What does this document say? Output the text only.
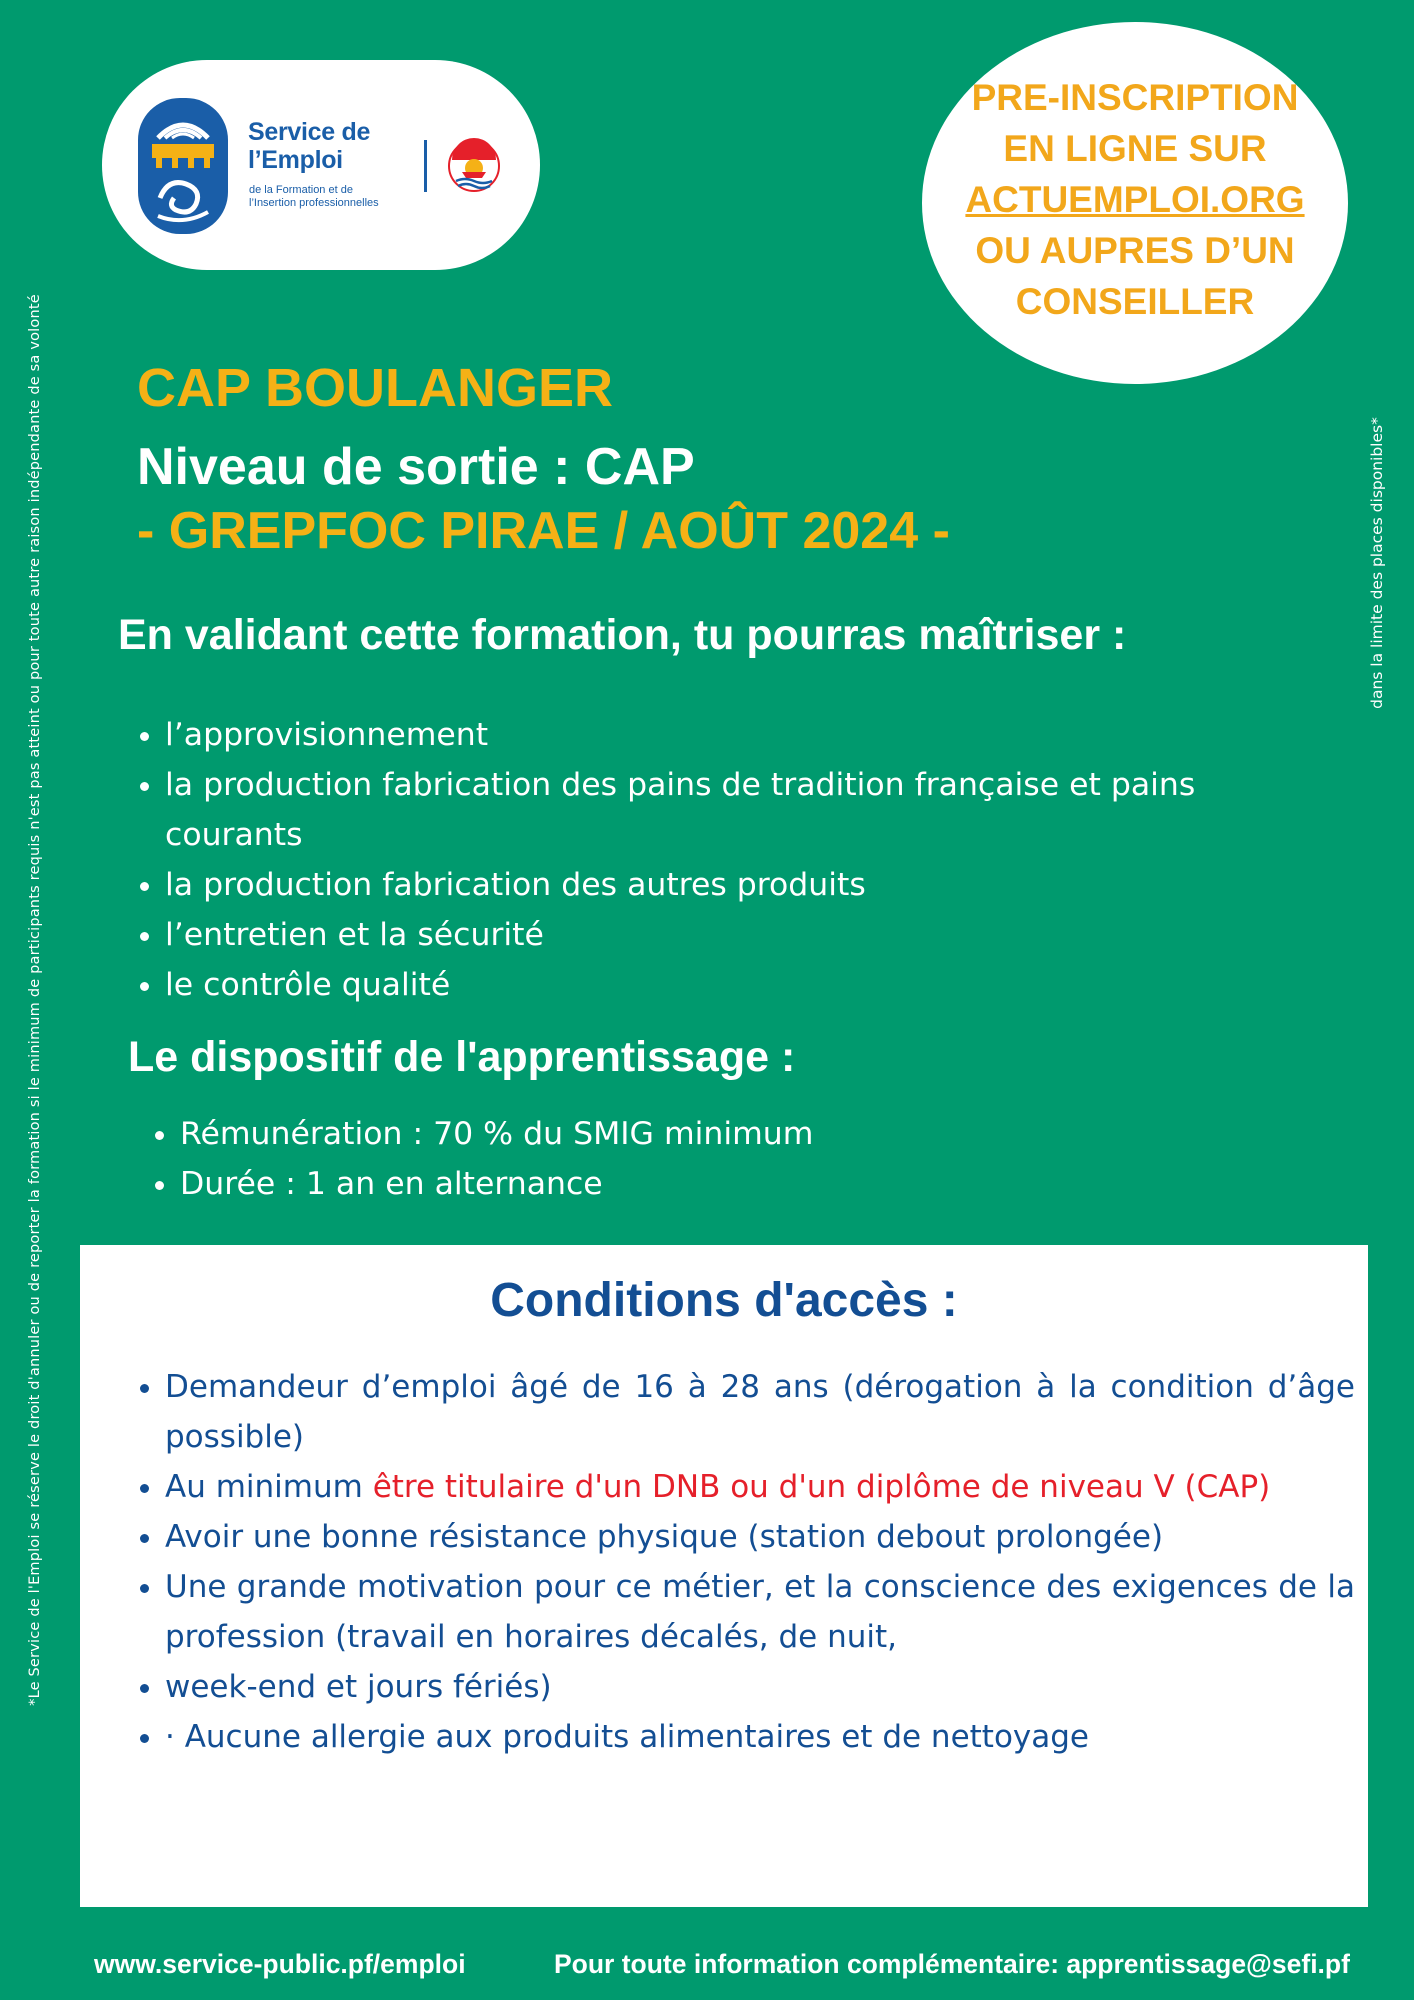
*Le Service de l'Emploi se réserve le droit d'annuler ou de reporter la formation si le minimum de participants requis n'est pas atteint ou pour toute autre raison indépendante de sa volonté	dans la limite des places disponibles*
Service de
l’Emploi
de la Formation et de
l’Insertion professionnelles
PRE-INSCRIPTION
EN LIGNE SUR
ACTUEMPLOI.ORG
OU AUPRES D’UN
CONSEILLER
CAP BOULANGER
Niveau de sortie : CAP
- GREPFOC PIRAE / AOÛT 2024 -
En validant cette formation, tu pourras maîtriser :
• l’approvisionnement
• la production fabrication des pains de tradition française et pains courants
• la production fabrication des autres produits
• l’entretien et la sécurité
• le contrôle qualité
Le dispositif de l'apprentissage :
• Rémunération : 70 % du SMIG minimum
• Durée : 1 an en alternance
Conditions d'accès :
• Demandeur d’emploi âgé de 16 à 28 ans (dérogation à la condition d’âge possible)
• Au minimum être titulaire d'un DNB ou d'un diplôme de niveau V (CAP)
• Avoir une bonne résistance physique (station debout prolongée)
• Une grande motivation pour ce métier, et la conscience des exigences de la profession (travail en horaires décalés, de nuit,
• week-end et jours fériés)
• · Aucune allergie aux produits alimentaires et de nettoyage
www.service-public.pf/emploi	Pour toute information complémentaire: apprentissage@sefi.pf
